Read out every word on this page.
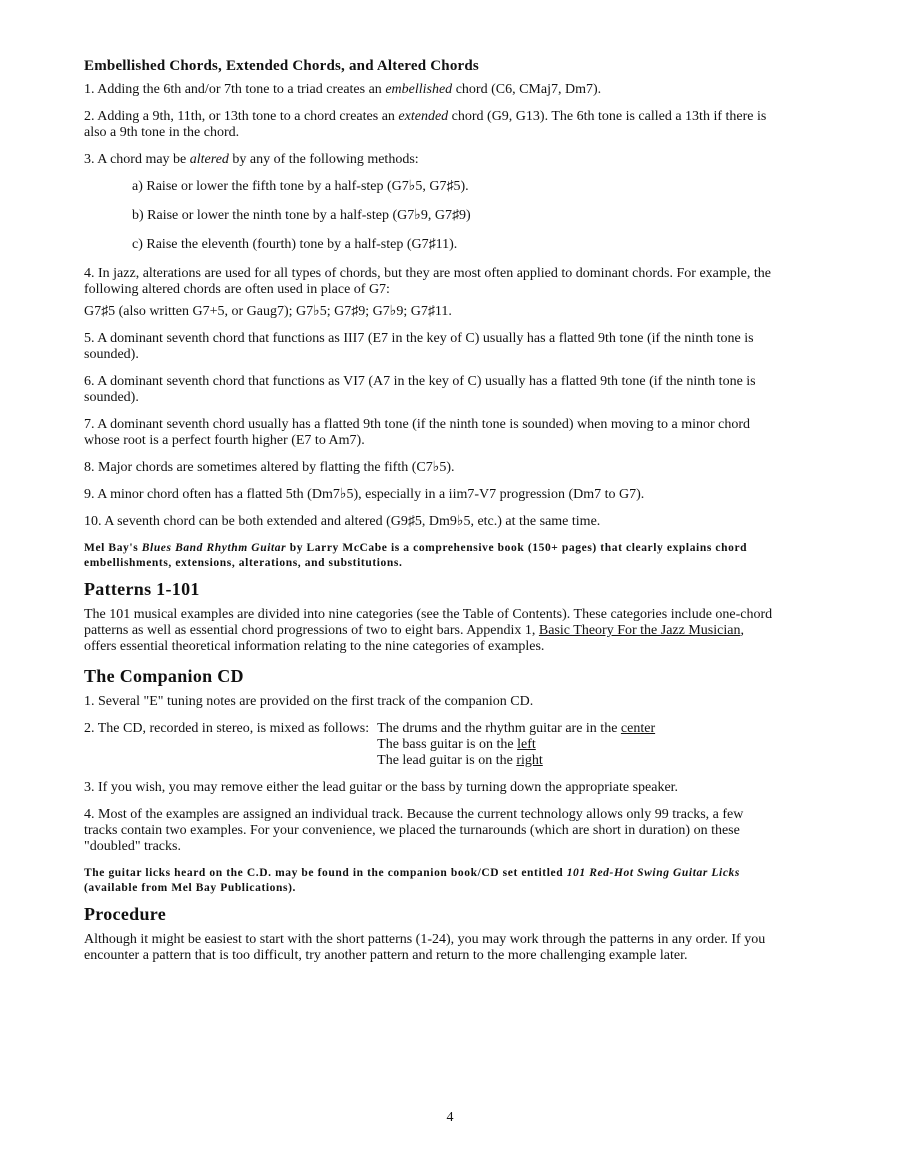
Embellished Chords, Extended Chords, and Altered Chords
1. Adding the 6th and/or 7th tone to a triad creates an embellished chord (C6, CMaj7, Dm7).
2. Adding a 9th, 11th, or 13th tone to a chord creates an extended chord (G9, G13). The 6th tone is called a 13th if there is also a 9th tone in the chord.
3. A chord may be altered by any of the following methods:
a) Raise or lower the fifth tone by a half-step (G7♭5, G7♯5).
b) Raise or lower the ninth tone by a half-step (G7♭9, G7♯9)
c) Raise the eleventh (fourth) tone by a half-step (G7♯11).
4. In jazz, alterations are used for all types of chords, but they are most often applied to dominant chords. For example, the following altered chords are often used in place of G7:
G7♯5 (also written G7+5, or Gaug7); G7♭5; G7♯9; G7♭9; G7♯11.
5. A dominant seventh chord that functions as III7 (E7 in the key of C) usually has a flatted 9th tone (if the ninth tone is sounded).
6. A dominant seventh chord that functions as VI7 (A7 in the key of C) usually has a flatted 9th tone (if the ninth tone is sounded).
7. A dominant seventh chord usually has a flatted 9th tone (if the ninth tone is sounded) when moving to a minor chord whose root is a perfect fourth higher (E7 to Am7).
8. Major chords are sometimes altered by flatting the fifth (C7♭5).
9. A minor chord often has a flatted 5th (Dm7♭5), especially in a iim7-V7 progression (Dm7 to G7).
10. A seventh chord can be both extended and altered (G9♯5, Dm9♭5, etc.) at the same time.
Mel Bay's Blues Band Rhythm Guitar by Larry McCabe is a comprehensive book (150+ pages) that clearly explains chord embellishments, extensions, alterations, and substitutions.
Patterns 1-101
The 101 musical examples are divided into nine categories (see the Table of Contents). These categories include one-chord patterns as well as essential chord progressions of two to eight bars. Appendix 1, Basic Theory For the Jazz Musician, offers essential theoretical information relating to the nine categories of examples.
The Companion CD
1. Several "E" tuning notes are provided on the first track of the companion CD.
2. The CD, recorded in stereo, is mixed as follows: The drums and the rhythm guitar are in the center
The bass guitar is on the left
The lead guitar is on the right
3. If you wish, you may remove either the lead guitar or the bass by turning down the appropriate speaker.
4. Most of the examples are assigned an individual track. Because the current technology allows only 99 tracks, a few tracks contain two examples. For your convenience, we placed the turnarounds (which are short in duration) on these "doubled" tracks.
The guitar licks heard on the C.D. may be found in the companion book/CD set entitled 101 Red-Hot Swing Guitar Licks (available from Mel Bay Publications).
Procedure
Although it might be easiest to start with the short patterns (1-24), you may work through the patterns in any order. If you encounter a pattern that is too difficult, try another pattern and return to the more challenging example later.
4
